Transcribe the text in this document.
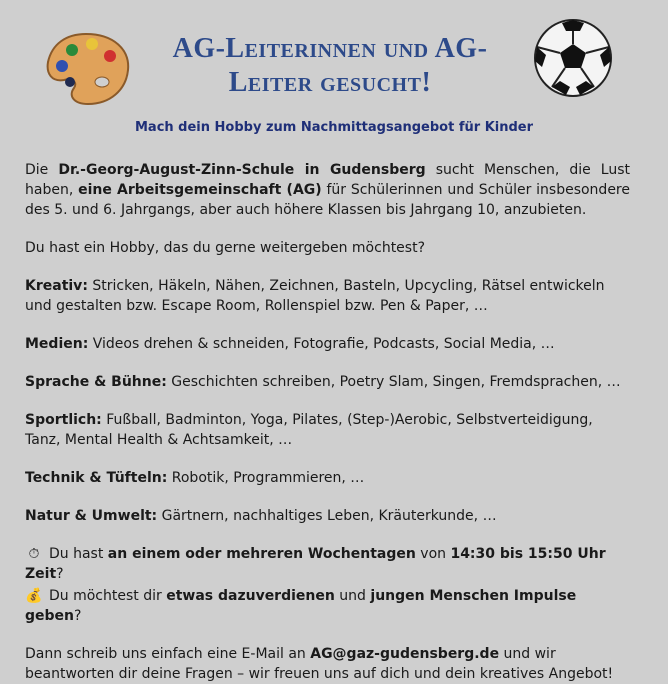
AG-Leiterinnen und AG-
Leiter gesucht!
Mach dein Hobby zum Nachmittagsangebot für Kinder

Die Dr.-Georg-August-Zinn-Schule in Gudensberg sucht Menschen, die Lust haben, eine Arbeitsgemeinschaft (AG) für Schülerinnen und Schüler insbesondere des 5. und 6. Jahrgangs, aber auch höhere Klassen bis Jahrgang 10, anzubieten.

Du hast ein Hobby, das du gerne weitergeben möchtest?

Kreativ: Stricken, Häkeln, Nähen, Zeichnen, Basteln, Upcycling, Rätsel entwickeln und gestalten bzw. Escape Room, Rollenspiel bzw. Pen & Paper, …

Medien: Videos drehen & schneiden, Fotografie, Podcasts, Social Media, …

Sprache & Bühne: Geschichten schreiben, Poetry Slam, Singen, Fremdsprachen, …

Sportlich: Fußball, Badminton, Yoga, Pilates, (Step-)Aerobic, Selbstverteidigung, Tanz, Mental Health & Achtsamkeit, …

Technik & Tüfteln: Robotik, Programmieren, …

Natur & Umwelt: Gärtnern, nachhaltiges Leben, Kräuterkunde, …

⏱ Du hast an einem oder mehreren Wochentagen von 14:30 bis 15:50 Uhr Zeit?

💰 Du möchtest dir etwas dazuverdienen und jungen Menschen Impulse geben?

Dann schreib uns einfach eine E-Mail an AG@gaz-gudensberg.de und wir beantworten dir deine Fragen – wir freuen uns auf dich und dein kreatives Angebot!
